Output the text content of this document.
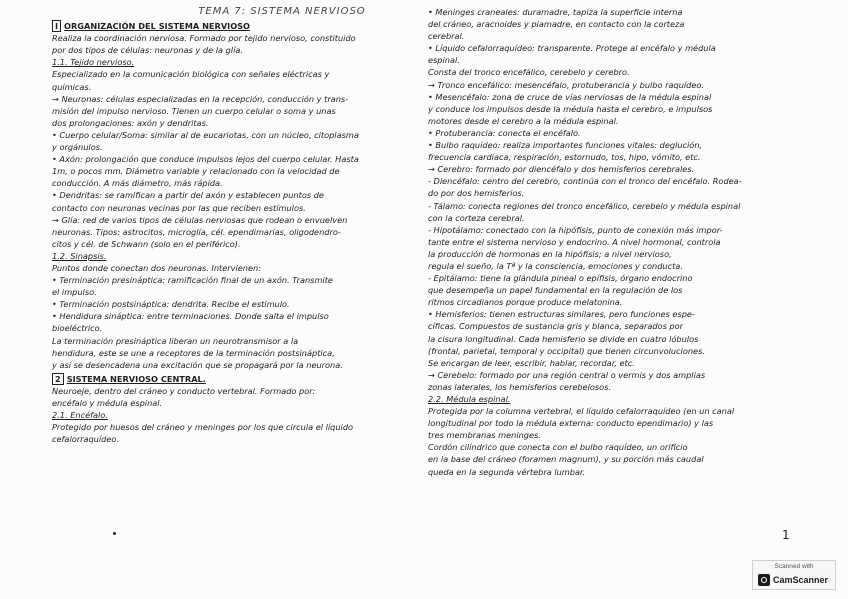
TEMA 7: SISTEMA NERVIOSO
I ORGANIZACIÓN DEL SISTEMA NERVIOSO
Realiza la coordinación nerviosa. Formado por tejido nervioso, constituido
por dos tipos de células: neuronas y de la glía.
1.1. Tejido nervioso.
Especializado en la comunicación biológica con señales eléctricas y
químicas.
→ Neuronas: células especializadas en la recepción, conducción y trans-
misión del impulso nervioso. Tienen un cuerpo celular o soma y unas
dos prolongaciones: axón y dendritas.
• Cuerpo celular/Soma: similar al de eucariotas, con un núcleo, citoplasma
y orgánulos.
• Axón: prolongación que conduce impulsos lejos del cuerpo celular. Hasta
1m, o pocos mm. Diámetro variable y relacionado con la velocidad de
conducción. A más diámetro, más rápida.
• Dendritas: se ramifican a partir del axón y establecen puntos de
contacto con neuronas vecinas por las que reciben estímulos.
→ Glía: red de varios tipos de células nerviosas que rodean o envuelven
neuronas. Tipos: astrocitos, microglía, cél. ependimarias, oligodendro-
citos y cél. de Schwann (solo en el periférico).
1.2. Sinapsis.
Puntos donde conectan dos neuronas. Intervienen:
• Terminación presináptica: ramificación final de un axón. Transmite
el impulso.
• Terminación postsináptica: dendrita. Recibe el estímulo.
• Hendidura sináptica: entre terminaciones. Donde salta el impulso
bioeléctrico.
La terminación presináptica liberan un neurotransmisor a la
hendidura, este se une a receptores de la terminación postsináptica,
y así se desencadena una excitación que se propagará por la neurona.
2 SISTEMA NERVIOSO CENTRAL.
Neuroeje, dentro del cráneo y conducto vertebral. Formado por:
encéfalo y médula espinal.
2.1. Encéfalo.
Protegido por huesos del cráneo y meninges por los que circula el líquido
cefalorraquídeo.
• Meninges craneales: duramadre, tapiza la superficie interna
del cráneo, aracnoides y piamadre, en contacto con la corteza
cerebral.
• Líquido cefalorraquídeo: transparente. Protege al encéfalo y médula
espinal.
Consta del tronco encefálico, cerebelo y cerebro.
→ Tronco encefálico: mesencéfalo, protuberancia y bulbo raquídeo.
• Mesencéfalo: zona de cruce de vías nerviosas de la médula espinal
y conduce los impulsos desde la médula hasta el cerebro, e impulsos
motores desde el cerebro a la médula espinal.
• Protuberancia: conecta el encéfalo.
• Bulbo raquídeo: realiza importantes funciones vitales: deglución,
frecuencia cardíaca, respiración, estornudo, tos, hipo, vómito, etc.
→ Cerebro: formado por diencéfalo y dos hemisferios cerebrales.
- Diencéfalo: centro del cerebro, continúa con el tronco del encéfalo. Rodea-
do por dos hemisferios.
- Tálamo: conecta regiones del tronco encefálico, cerebelo y médula espinal
con la corteza cerebral.
- Hipotálamo: conectado con la hipófisis, punto de conexión más impor-
tante entre el sistema nervioso y endocrino. A nivel hormonal, controla
la producción de hormonas en la hipófisis; a nivel nervioso,
regula el sueño, la Tª y la consciencia, emociones y conducta.
- Epitálamo: tiene la glándula pineal o epífisis, órgano endocrino
que desempeña un papel fundamental en la regulación de los
ritmos circadianos porque produce melatonina.
• Hemisferios: tienen estructuras similares, pero funciones espe-
cíficas. Compuestos de sustancia gris y blanca, separados por
la cisura longitudinal. Cada hemisferio se divide en cuatro lóbulos
(frontal, parietal, temporal y occipital) que tienen circunvoluciones.
Se encargan de leer, escribir, hablar, recordar, etc.
→ Cerebelo: formado por una región central o vermis y dos amplias
zonas laterales, los hemisferios cerebelosos.
2.2. Médula espinal.
Protegida por la columna vertebral, el líquido cefalorraquídeo (en un canal
longitudinal por todo la médula externa: conducto ependimario) y las
tres membranas meninges.
Cordón cilíndrico que conecta con el bulbo raquídeo, un orificio
en la base del cráneo (foramen magnum), y su porción más caudal
queda en la segunda vértebra lumbar.
1
Scanned with
CamScanner
